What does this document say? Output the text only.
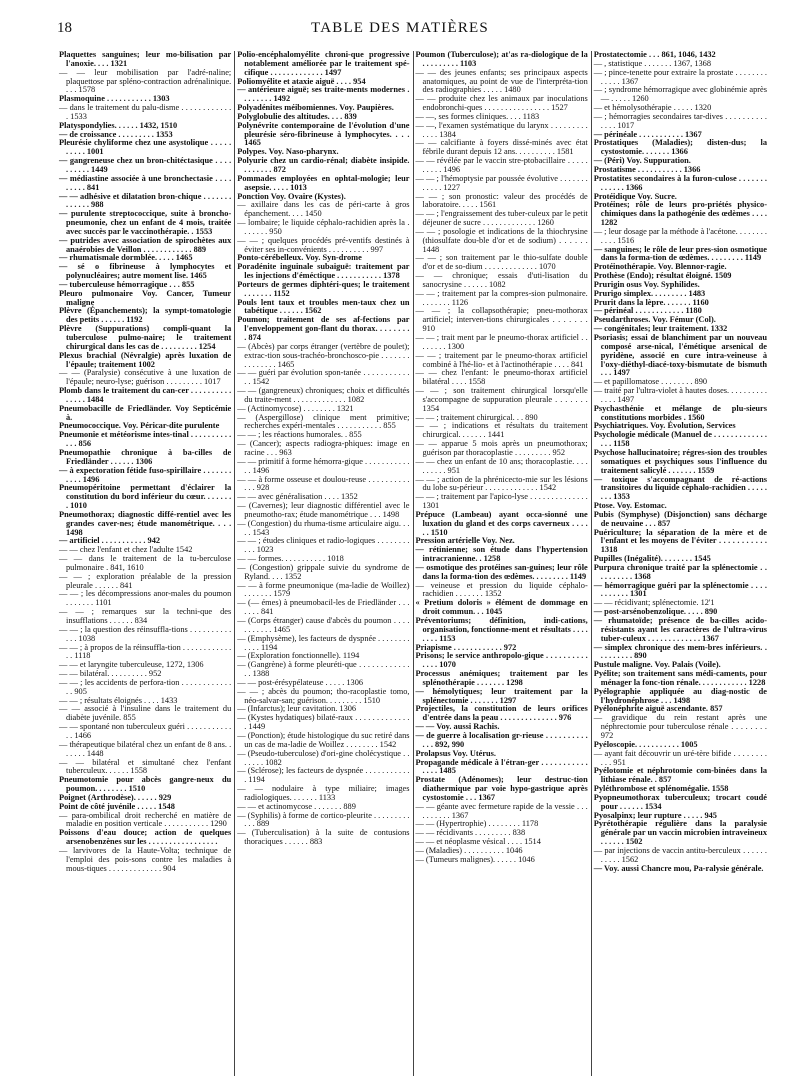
18	TABLE DES MATIÈRES
Plaquettes sanguines; leur mo-bilisation par l'anoxie. . . . 1321
— — leur mobilisation par l'adré-naline; plaquettose par spléno-contraction adrénalinique. . . . 1578
Plasmoquine . . . . . . . . . . . 1303
— dans le traitement du palu-disme . . . . . . . . . . . . . 1533
Platyspondylies. . . . . . 1432, 1510
— de croissance . . . . . . . . . 1353
Pleurésie chyliforme chez une asystolique . . . . . . . . . . 1001
— gangreneuse chez un bron-chitéctasique . . . . . . . . . . 1449
— médiastine associée à une bronchectasie . . . . . . . . . 841
— — adhésive et dilatation bron-chique . . . . . . . . . . . . . 988
— purulente streptococcique, suite à broncho-pneumonie, chez un enfant de 4 mois, traitée avec succès par le vaccinothérapie. . 1553
— putrides avec association de spirochètes aux anaérobies de Veillon . . . . . . . . . . . . 889
— rhumatismale dormblée. . . . . 1465
— sé o fibrineuse à lymphocytes et polynucléaires; autre moment lise. 1465
— tuberculeuse hémorragique . . . 855
Pleuro pulmonaire Voy. Cancer, Tumeur maligne
Plèvre (Épanchements); la sympt-tomatologie des petits . . . . . . 1192
Plèvre (Suppurations) compli-quant la tuberculose pulmo-naire; le traitement chirurgical dans les cas de . . . . . . . . . 1254
Plexus brachial (Névralgie) après luxation de l'épaule; traitement 1002
— — (Paralysie) consécutive à une luxation de l'épaule; neuro-lyse; guérison . . . . . . . . . 1017
Plomb dans le traitement du can-cer . . . . . . . . . . . . . . . 1484
Pneumobacille de Friedländer. Voy Septicémie à.
Pneumococcique. Voy. Péricar-dite purulente
Pneumonie et météorisme intes-tinal . . . . . . . . . . . . . 856
Pneumopathie chronique à ba-cilles de Friedländer . . . . . . 1306
— à expectoration fétide fuso-spirillaire . . . . . . . . . . . 1496
Pneumopéritoine permettant d'éclairer la constitution du bord inférieur du cœur. . . . . . . . 1010
Pneumothorax; diagnostic diffé-rentiel avec les grandes caver-nes; étude manométrique. . . . 1498
— artificiel . . . . . . . . . . . 942
— — chez l'enfant et chez l'adulte 1542
— — dans le traitement de la tu-berculose pulmonaire . 841, 1610
— — ; exploration préalable de la pression pleurale . . . . . . 841
— — ; les décompressions anor-males du poumon . . . . . . . 1101
— — ; remarques sur la techni-que des insufflations . . . . . . 834
— — ; la question des réinsuffla-tions . . . . . . . . . . . . . 1038
— — ; à propos de la réinsuffla-tion . . . . . . . . . . . . . . 1118
— — et laryngite tuberculeuse, 1272, 1306
— — bilatéral. . . . . . . . . . 952
— — ; les accidents de perfora-tion . . . . . . . . . . . . . . 905
— — ; résultats éloignés . . . . 1433
— — associé à l'insuline dans le traitement du diabète juvénile. 855
— — spontané non tuberculeux guéri . . . . . . . . . . . . . 1466
— thérapeutique bilatéral chez un enfant de 8 ans. . . . . . . 1448
— — bilatéral et simultané chez l'enfant tuberculeux. . . . . . 1558
Pneumotomie pour abcès gangre-neux du poumon. . . . . . . . 1510
Poignet (Arthrodèse). . . . . . 929
Point de côté juvénile . . . . . 1548
— para-ombilical droit recherché en matière de maladie en position verticale . . . . . . . . . . . 1290
Poissons d'eau douce; action de quelques arsenobenzènes sur les . . . . . . . . . . . . . . . . .
— larvivores de la Haute-Volta; technique de l'emploi des pois-sons contre les maladies à mous-tiques . . . . . . . . . . . . . 904
Polio-encéphalomyélite chroni-que progressive notablement améliorée par le traitement spé-cifique . . . . . . . . . . . . . 1497
Poliomyélite et ataxie aiguë . . . . 954
— antérieure aiguë; ses traite-ments modernes . . . . . . . . 1492
Polyadénites méibomiennes. Voy. Paupières.
Polyglobulie des altitudes. . . . 839
Polynévrite contemporaine de l'évolution d'une pleurésie séro-fibrineuse à lymphocytes. . . . 1465
Polypes. Voy. Naso-pharynx.
Polyurie chez un cardio-rénal; diabète insipide. . . . . . . . 872
Pommades employées en ophtal-mologie; leur asepsie. . . . . 1013
Ponction Voy. Ovaire (Kystes).
— axillaire dans les cas de péri-carte à gros épanchement. . . . 1450
— lombaire; le liquide céphalo-rachidien après la . . . . . . . 950
— — ; quelques procédés pré-ventifs destinés à éviter ses in-convénients . . . . . . . . . . 997
Ponto-cérébelleux. Voy. Syn-drome
Poradénite inguinale subaiguë: traitement par les injections d'éméctique . . . . . . . . . . . 1378
Porteurs de germes diphtéri-ques; le traitement . . . . . . . 1152
Pouls lent taux et troubles men-taux chez un tabétique . . . . . . 1562
Poumon; traitement de ses af-fections par l'enveloppement gon-flant du thorax. . . . . . . . . 874
— (Abcès) par corps étranger (vertèbre de poulet); extrac-tion sous-trachéo-bronchosco-pie . . . . . . . . . . . . . . . 1465
— — guéri par évolution spon-tanée . . . . . . . . . . . . . 1542
— — (gangreneux) chroniques; choix et difficultés du traite-ment . . . . . . . . . . . . . 1082
— (Actinomycose) . . . . . . . . 1321
— (Aspergillose) clinique ment primitive; recherches expéri-mentales . . . . . . . . . . . 855
— — ; les réactions humorales. . 855
— (Cancer); aspects radiogra-phiques: image en racine . . . 963
— — primitif à forme hémorra-gique . . . . . . . . . . . . . 1496
— — à forme osseuse et doulou-reuse . . . . . . . . . . . . . 928
— — avec généralisation . . . . 1352
— (Cavernes); leur diagnostic différentiel avec le pneumotho-rax; étude manométrique . . . 1498
— (Congestion) du rhuma-tisme articulaire aigu. . . . . 1543
— — ; études cliniques et radio-logiques . . . . . . . . . . . 1023
— — formes. . . . . . . . . . . 1018
— (Congestion) grippale suivie du syndrome de Ryland. . . . 1352
— — à forme pneumonique (ma-ladie de Woillez) . . . . . . . 1579
— (— émes) à pneumobacil-les de Friedländer . . . . . . . 841
— (Corps étranger) cause d'abcès du poumon . . . . . . . . . . . 1465
— (Emphysème), les facteurs de dyspnée . . . . . . . . . . . . 1194
— (Exploration fonctionnelle). 1194
— (Gangrène) à forme pleuréti-que . . . . . . . . . . . . . . 1388
— — post-érésypélateuse . . . . . 1306
— — ; abcès du poumon; tho-racoplastie tomo, néo-salvar-san; guérison. . . . . . . . . 1510
— (Infarctus); leur cavitation. 1306
— (Kystes hydatiques) bilaté-raux . . . . . . . . . . . . . . 1449
— (Ponction); étude histologique du suc retiré dans un cas de ma-ladie de Woillez . . . . . . . . 1542
— (Pseudo-tuberculose) d'ori-gine cholécystique . . . . . . . 1082
— (Sclérose); les facteurs de dyspnée . . . . . . . . . . . . 1194
— — nodulaire à type miliaire; images radiologiques. . . . . . . 1133
— — et actinomycose . . . . . . . 889
— (Syphilis) à forme de cortico-pleurite . . . . . . . . . . . . 889
— (Tuberculisation) à la suite de contusions thoraciques . . . . . . 883
Poumon (Tuberculose); at'as ra-diologique de la . . . . . . . . . 1103
— — des jeunes enfants; ses principaux aspects anatomiques, au point de vue de l'interpréta-tion des radiographies . . . . . 1480
— — produite chez les animaux par inoculations endobronchi-ques . . . . . . . . . . . . . . . . 1527
— —, ses formes cliniques. . . . 1183
— —, l'examen systématique du larynx . . . . . . . . . . . . . 1384
— — calcifiante à foyers dissé-minés avec état fébrile durant depuis 12 ans. . . . . . . . . . 1581
— — révélée par le vaccin stre-ptobacillaire . . . . . . . . . . 1496
— — ; l'hémoptysie par poussée évolutive . . . . . . . . . . . . 1227
— — ; son pronostic: valeur des procédés de laboratoire. . . . . 1561
— — ; l'engraissement des tuber-culeux par le petit déjeuner de sucre . . . . . . . . . . . . . 1260
— — ; posologie et indications de la thiochrysine (thiosulfate dou-ble d'or et de sodium) . . . . . . 1448
— — ; son traitement par le thio-sulfate double d'or et de so-dium . . . . . . . . . . . . . 1070
— — chronique; essais d'uti-lisation du sanocrysine . . . . . . 1082
— — ; traitement par la compres-sion pulmonaire. . . . . . . . 1126
— — ; la collapsothérapie; pneu-mothorax artificiel; interven-tions chirurgicales . . . . . . . 910
— — ; trait ment par le pneumo-thorax artificiel . . . . . . . . 1300
— — ; traitement par le pneumo-thorax artificiel combiné à l'hé-lio- et à l'actinothérapie . . . . 841
— — chez l'enfant: le pneumo-thorax artificiel bilatéral . . . . 1558
— — ; son traitement chirurgical lorsqu'elle s'accompagne de suppuration pleurale . . . . . . . 1354
— — ; traitement chirurgical. . . 890
— — ; indications et résultats du traitement chirurgical. . . . . . . 1441
— — apparue 5 mois après un pneumothorax; guérison par thoracoplastie . . . . . . . . . 952
— — chez un enfant de 10 ans; thoracoplastie. . . . . . . . . . 951
— — ; action de la phrénicecto-mie sur les lésions du lobe su-périeur . . . . . . . . . . . . . 1542
— — ; traitement par l'apico-lyse . . . . . . . . . . . . . . 1301
Prépuce (Lambeau) ayant occa-sionné une luxation du gland et des corps caverneux . . . . . . 1510
Pression artérielle Voy. Nez.
— rétinienne; son étude dans l'hypertension intracranienne. . 1258
— osmotique des protéines san-guines; leur rôle dans la forma-tion des œdèmes. . . . . . . . . 1149
— veineuse et pression du liquide céphalo-rachidien . . . . . . . 1352
« Pretium doloris » élément de dommage en droit commun. . . 1045
Préventoriums; définition, indi-cations, organisation, fonctionne-ment et résultats . . . . . . . . 1153
Priapisme . . . . . . . . . . . . 972
Prisons; le service anthropolo-gique . . . . . . . . . . . . . . 1070
Processus anémiques; traitement par les splénothérapie . . . . . . . 1298
— hémolytiques; leur traitement par la splénectomie . . . . . . . 1297
Projectiles, la constitution de leurs orifices d'entrée dans la peau . . . . . . . . . . . . . . 976
— — Voy. aussi Rachis.
— de guerre à localisation gr-rieuse . . . . . . . . . . . . . 892, 990
Prolapsus Voy. Utérus.
Propagande médicale à l'étran-ger . . . . . . . . . . . . . . . 1485
Prostate (Adénomes); leur destruc-tion diathermique par voie hypo-gastrique après cystostomie . . . 1367
— — géante avec fermeture rapide de la vessie . . . . . . . . . . 1367
— — (Hypertrophie) . . . . . . . . 1178
— — récidivants . . . . . . . . . 838
— — et néoplasme vésical . . . . 1514
— (Maladies) . . . . . . . . . . 1046
— (Tumeurs malignes). . . . . . 1046
Prostatectomie . . . 861, 1046, 1432
— , statistique . . . . . . . 1367, 1368
— ; pince-tenette pour extraire la prostate . . . . . . . . . . . . . 1367
— ; syndrome hémorragique avec globinémie après — . . . . . 1260
— et hémolysothérapie . . . . . 1320
— ; hémorragies secondaires tar-dives . . . . . . . . . . . . . . 1017
— périnéale . . . . . . . . . . . 1367
Prostatiques (Maladies); disten-dus; la cystostomie. . . . . . . 1366
— (Péri) Voy. Suppuration.
Prostatisme . . . . . . . . . . . 1366
Prostatites secondaires à la furon-culose . . . . . . . . . . . . . 1366
Protéidique Voy. Sucre.
Protéines; rôle de leurs pro-priétés physico-chimiques dans la pathogénie des œdèmes . . . . 1282
— ; leur dosage par la méthode à l'acétone. . . . . . . . . . . . 1516
— sanguines; le rôle de leur pres-sion osmotique dans la forma-tion de œdèmes. . . . . . . . . 1149
Protéinothérapie. Voy. Blennor-ragie.
Prothèse (Endo); résultat éloigné. 1509
Prurigin osus Voy. Syphilides.
Prurigo simplex. . . . . . . . . 1483
Prurit dans la lèpre. . . . . . . 1160
— périnéal . . . . . . . . . . . . 1180
Pseudarthroses. Voy. Fémur (Col).
— congénitales; leur traitement. 1332
Psoriasis; essai de blanchiment par un nouveau composé arse-nical, l'émétique arsenical de pyridène, associé en cure intra-veineuse à l'oxy-diéthyl-diacé-toxy-bismutate de bismuth . . . 1497
— et papillomatose . . . . . . . . 890
— traité par l'ultra-violet à hautes doses. . . . . . . . . . . . . . 1497
Psychasthénie et mélange de plu-sieurs constitutions morbides . 1560
Psychiatriques. Voy. Évolution, Services
Psychologie médicale (Manuel de . . . . . . . . . . . . . . . . 1158
Psychose hallucinatoire; régres-sion des troubles somatiques et psychiques sous l'influence du traitement salicylé . . . . . . . 1559
— toxique s'accompagnant de ré-actions transitoires du liquide céphalo-rachidien . . . . . . . . 1353
Ptose. Voy. Estomac.
Pubis (Symphyse) (Disjonction) sans décharge de neuvaine . . . 857
Puériculture; la séparation de la mère et de l'enfant et les moyens de l'éviter . . . . . . . . . . . 1318
Pupilles (Inégalité). . . . . . . . 1545
Purpura chronique traité par la splénectomie . . . . . . . . . . 1368
— hémorragique guéri par la splénectomie . . . . . . . . . . . 1301
— — récidivant; splénectomie. 12'1
— post-arsénobenzolique. . . . . 890
— rhumatoïde; présence de ba-cilles acido-résistants ayant les caractères de l'ultra-virus tuber-culeux . . . . . . . . . . . . . 1367
— simplex chronique des mem-bres inférieurs. . . . . . . . . . 890
Pustule maligne. Voy. Palais (Voile).
Pyélite; son traitement sans médi-caments, pour ménager la fonc-tion rénale. . . . . . . . . . . . 1228
Pyélographie appliquée au diag-nostic de l'hydronéphrose . . . 1498
Pyélonéphrite aiguë ascendante. 857
— gravidique du rein restant après une néphrectomie pour tuberculose rénale . . . . . . . . 972
Pyéloscopie. . . . . . . . . . . 1005
— ayant fait découvrir un uré-tère bifide . . . . . . . . . . . 951
Pyélotomie et néphrotomie com-binées dans la lithiase rénale. . 857
Pyléthrombose et splénomégalie. 1558
Pyopneumothorax tuberculeux; trocart coudé pour . . . . . . 1534
Pyosalpinx; leur rupture . . . . . 945
Pyrétothérapie régulière dans la paralysie générale par un vaccin microbien intraveineux . . . . . . 1502
— par injections de vaccin antitu-berculeux . . . . . . . . . . . 1562
— Voy. aussi Chancre mou, Pa-ralysie générale.
